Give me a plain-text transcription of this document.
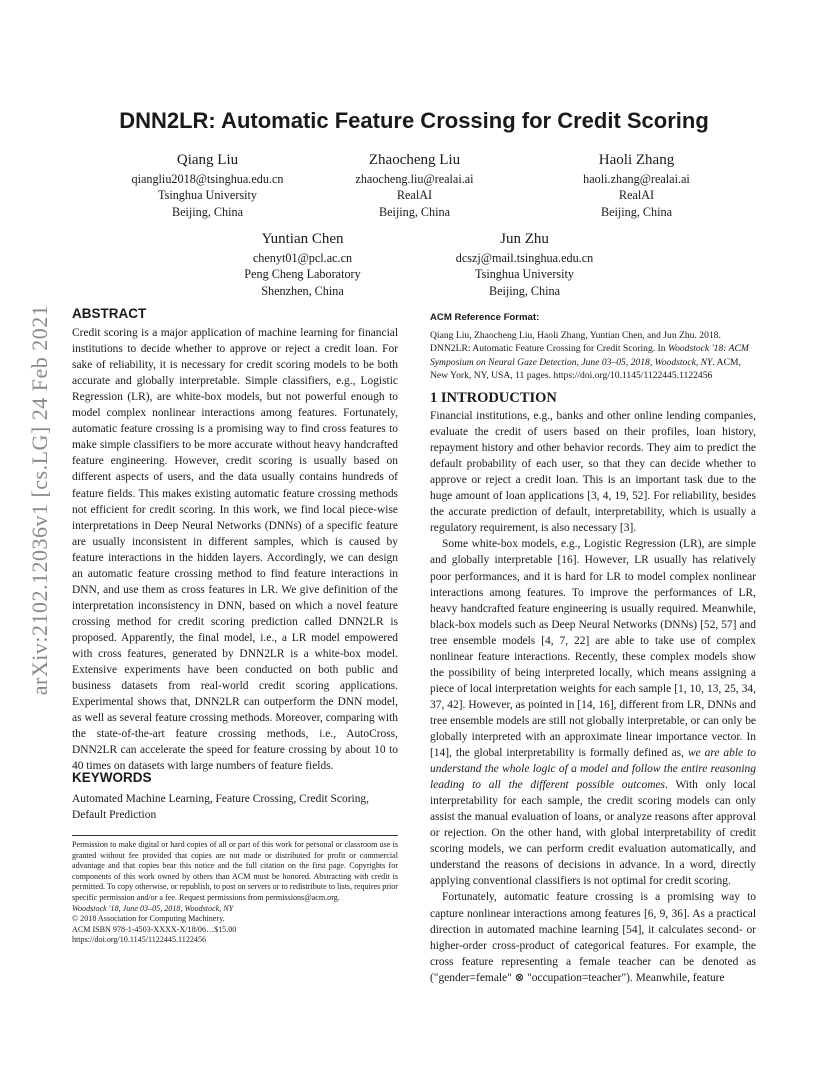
arXiv:2102.12036v1 [cs.LG] 24 Feb 2021
DNN2LR: Automatic Feature Crossing for Credit Scoring
Qiang Liu
qiangliu2018@tsinghua.edu.cn
Tsinghua University
Beijing, China
Zhaocheng Liu
zhaocheng.liu@realai.ai
RealAI
Beijing, China
Haoli Zhang
haoli.zhang@realai.ai
RealAI
Beijing, China
Yuntian Chen
chenyt01@pcl.ac.cn
Peng Cheng Laboratory
Shenzhen, China
Jun Zhu
dcszj@mail.tsinghua.edu.cn
Tsinghua University
Beijing, China
ABSTRACT

Credit scoring is a major application of machine learning for financial institutions to decide whether to approve or reject a credit loan. For sake of reliability, it is necessary for credit scoring models to be both accurate and globally interpretable. Simple classifiers, e.g., Logistic Regression (LR), are white-box models, but not powerful enough to model complex nonlinear interactions among features. Fortunately, automatic feature crossing is a promising way to find cross features to make simple classifiers to be more accurate without heavy handcrafted feature engineering. However, credit scoring is usually based on different aspects of users, and the data usually contains hundreds of feature fields. This makes existing automatic feature crossing methods not efficient for credit scoring. In this work, we find local piece-wise interpretations in Deep Neural Networks (DNNs) of a specific feature are usually inconsistent in different samples, which is caused by feature interactions in the hidden layers. Accordingly, we can design an automatic feature crossing method to find feature interactions in DNN, and use them as cross features in LR. We give definition of the interpretation inconsistency in DNN, based on which a novel feature crossing method for credit scoring prediction called DNN2LR is proposed. Apparently, the final model, i.e., a LR model empowered with cross features, generated by DNN2LR is a white-box model. Extensive experiments have been conducted on both public and business datasets from real-world credit scoring applications. Experimental shows that, DNN2LR can outperform the DNN model, as well as several feature crossing methods. Moreover, comparing with the state-of-the-art feature crossing methods, i.e., AutoCross, DNN2LR can accelerate the speed for feature crossing by about 10 to 40 times on datasets with large numbers of feature fields.

KEYWORDS

Automated Machine Learning, Feature Crossing, Credit Scoring, Default Prediction

Permission to make digital or hard copies of all or part of this work for personal or classroom use is granted without fee provided that copies are not made or distributed for profit or commercial advantage and that copies bear this notice and the full citation on the first page. Copyrights for components of this work owned by others than ACM must be honored. Abstracting with credit is permitted. To copy otherwise, or republish, to post on servers or to redistribute to lists, requires prior specific permission and/or a fee. Request permissions from permissions@acm.org.

Woodstock '18, June 03–05, 2018, Woodstock, NY

© 2018 Association for Computing Machinery.

ACM ISBN 978-1-4503-XXXX-X/18/06…$15.00

https://doi.org/10.1145/1122445.1122456

ACM Reference Format:

Qiang Liu, Zhaocheng Liu, Haoli Zhang, Yuntian Chen, and Jun Zhu. 2018. DNN2LR: Automatic Feature Crossing for Credit Scoring. In Woodstock '18: ACM Symposium on Neural Gaze Detection, June 03–05, 2018, Woodstock, NY. ACM, New York, NY, USA, 11 pages. https://doi.org/10.1145/1122445.1122456

1 INTRODUCTION

Financial institutions, e.g., banks and other online lending companies, evaluate the credit of users based on their profiles, loan history, repayment history and other behavior records. They aim to predict the default probability of each user, so that they can decide whether to approve or reject a credit loan. This is an important task due to the huge amount of loan applications [3, 4, 19, 52]. For reliability, besides the accurate prediction of default, interpretability, which is usually a regulatory requirement, is also necessary [3].

Some white-box models, e.g., Logistic Regression (LR), are simple and globally interpretable [16]. However, LR usually has relatively poor performances, and it is hard for LR to model complex nonlinear interactions among features. To improve the performances of LR, heavy handcrafted feature engineering is usually required. Meanwhile, black-box models such as Deep Neural Networks (DNNs) [52, 57] and tree ensemble models [4, 7, 22] are able to take use of complex nonlinear feature interactions. Recently, these complex models show the possibility of being interpreted locally, which means assigning a piece of local interpretation weights for each sample [1, 10, 13, 25, 34, 37, 42]. However, as pointed in [14, 16], different from LR, DNNs and tree ensemble models are still not globally interpretable, or can only be globally interpreted with an approximate linear importance vector. In [14], the global interpretability is formally defined as, we are able to understand the whole logic of a model and follow the entire reasoning leading to all the different possible outcomes. With only local interpretability for each sample, the credit scoring models can only assist the manual evaluation of loans, or analyze reasons after approval or rejection. On the other hand, with global interpretability of credit scoring models, we can perform credit evaluation automatically, and understand the reasons of decisions in advance. In a word, directly applying conventional classifiers is not optimal for credit scoring.

Fortunately, automatic feature crossing is a promising way to capture nonlinear interactions among features [6, 9, 36]. As a practical direction in automated machine learning [54], it calculates second- or higher-order cross-product of categorical features. For example, the cross feature representing a female teacher can be denoted as ("gender=female" ⊗ "occupation=teacher"). Meanwhile, feature
